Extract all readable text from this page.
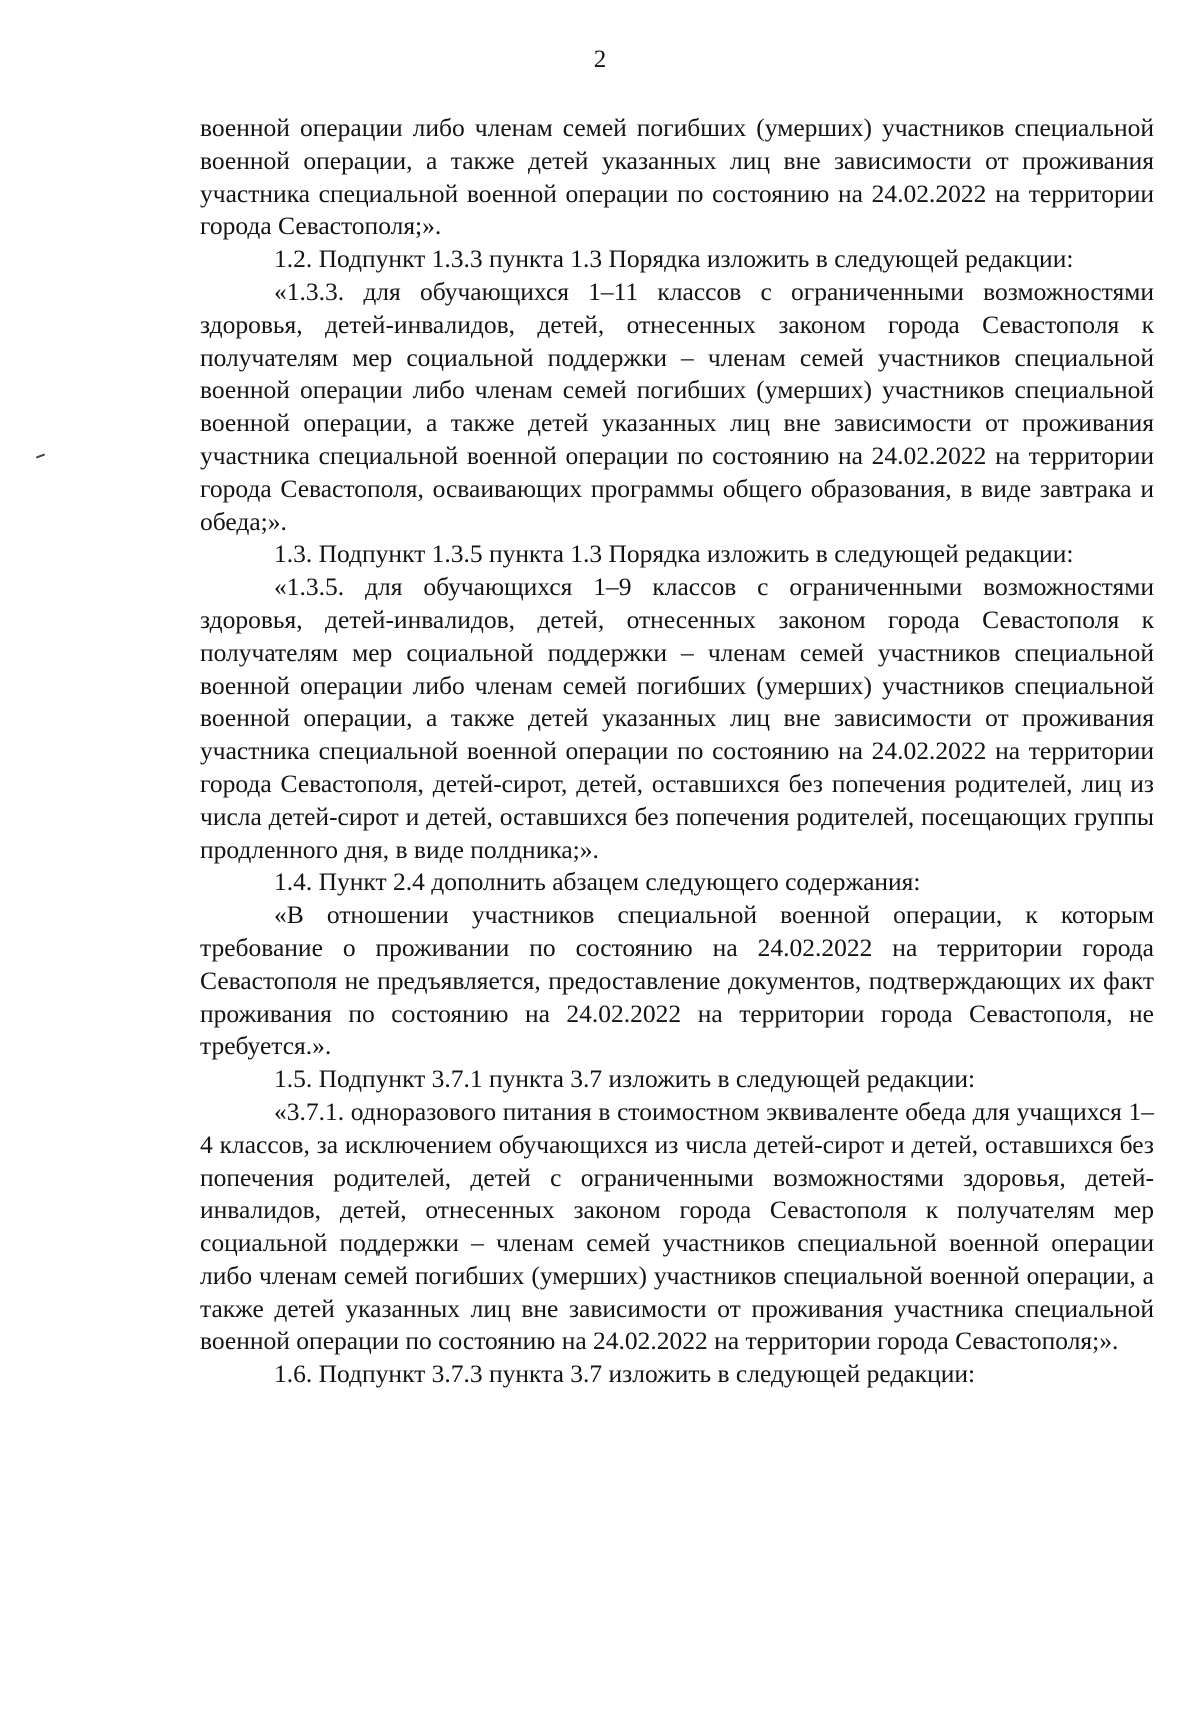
2

военной операции либо членам семей погибших (умерших) участников специальной военной операции, а также детей указанных лиц вне зависимости от проживания участника специальной военной операции по состоянию на 24.02.2022 на территории города Севастополя;».

1.2. Подпункт 1.3.3 пункта 1.3 Порядка изложить в следующей редакции:

«1.3.3. для обучающихся 1–11 классов с ограниченными возможностями здоровья, детей-инвалидов, детей, отнесенных законом города Севастополя к получателям мер социальной поддержки – членам семей участников специальной военной операции либо членам семей погибших (умерших) участников специальной военной операции, а также детей указанных лиц вне зависимости от проживания участника специальной военной операции по состоянию на 24.02.2022 на территории города Севастополя, осваивающих программы общего образования, в виде завтрака и обеда;».

1.3. Подпункт 1.3.5 пункта 1.3 Порядка изложить в следующей редакции:

«1.3.5. для обучающихся 1–9 классов с ограниченными возможностями здоровья, детей-инвалидов, детей, отнесенных законом города Севастополя к получателям мер социальной поддержки – членам семей участников специальной военной операции либо членам семей погибших (умерших) участников специальной военной операции, а также детей указанных лиц вне зависимости от проживания участника специальной военной операции по состоянию на 24.02.2022 на территории города Севастополя, детей-сирот, детей, оставшихся без попечения родителей, лиц из числа детей-сирот и детей, оставшихся без попечения родителей, посещающих группы продленного дня, в виде полдника;».

1.4. Пункт 2.4 дополнить абзацем следующего содержания:

«В отношении участников специальной военной операции, к которым требование о проживании по состоянию на 24.02.2022 на территории города Севастополя не предъявляется, предоставление документов, подтверждающих их факт проживания по состоянию на 24.02.2022 на территории города Севастополя, не требуется.».

1.5. Подпункт 3.7.1 пункта 3.7 изложить в следующей редакции:

«3.7.1. одноразового питания в стоимостном эквиваленте обеда для учащихся 1–4 классов, за исключением обучающихся из числа детей-сирот и детей, оставшихся без попечения родителей, детей с ограниченными возможностями здоровья, детей-инвалидов, детей, отнесенных законом города Севастополя к получателям мер социальной поддержки – членам семей участников специальной военной операции либо членам семей погибших (умерших) участников специальной военной операции, а также детей указанных лиц вне зависимости от проживания участника специальной военной операции по состоянию на 24.02.2022 на территории города Севастополя;».

1.6. Подпункт 3.7.3 пункта 3.7 изложить в следующей редакции:
